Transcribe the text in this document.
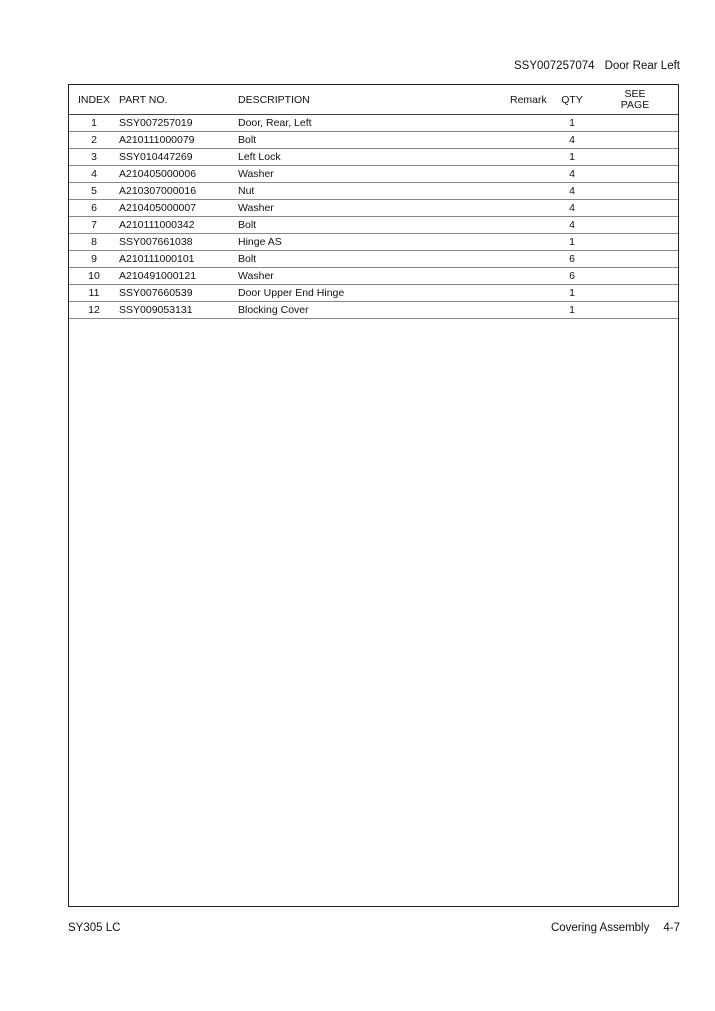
SSY007257074 Door Rear Left
INDEX	PART NO.	DESCRIPTION	Remark	QTY	SEE
PAGE
1	SSY007257019	Door, Rear, Left		1	
2	A210111000079	Bolt		4	
3	SSY010447269	Left Lock		1	
4	A210405000006	Washer		4	
5	A210307000016	Nut		4	
6	A210405000007	Washer		4	
7	A210111000342	Bolt		4	
8	SSY007661038	Hinge AS		1	
9	A210111000101	Bolt		6	
10	A210491000121	Washer		6	
11	SSY007660539	Door Upper End Hinge		1	
12	SSY009053131	Blocking Cover		1	
SY305 LC	Covering Assembly 4-7
